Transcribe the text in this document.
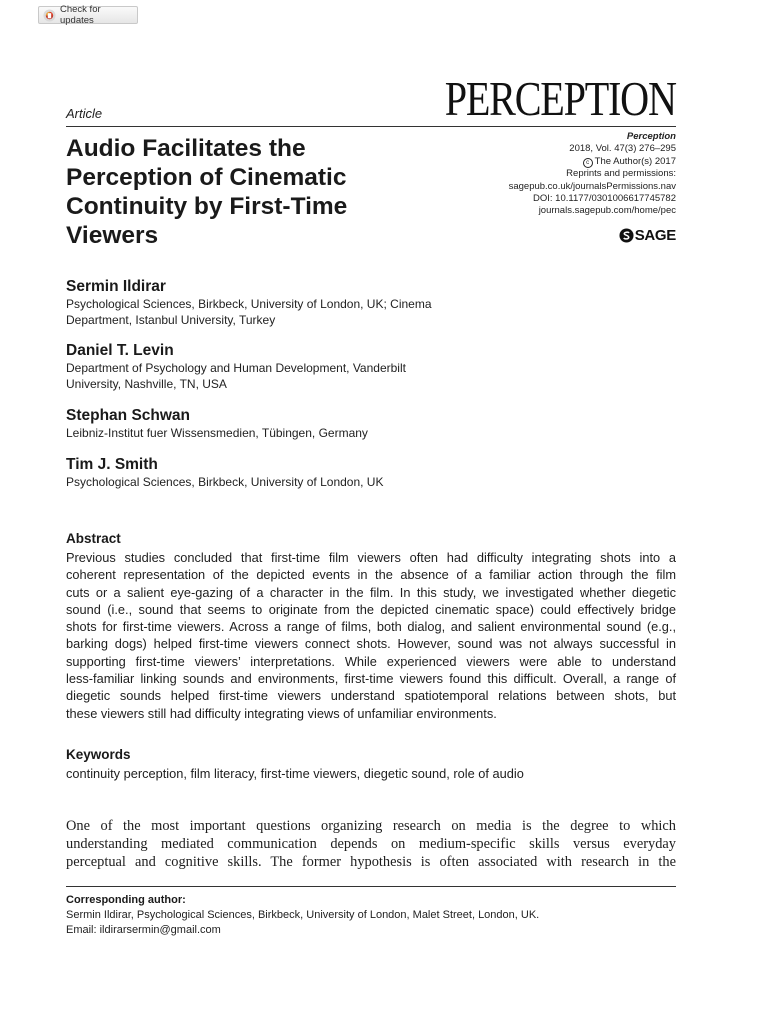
Check for updates
Article	PERCEPTION
Audio Facilitates the
Perception of Cinematic
Continuity by First-Time
Viewers
Perception
2018, Vol. 47(3) 276–295
c The Author(s) 2017
Reprints and permissions:
sagepub.co.uk/journalsPermissions.nav
DOI: 10.1177/0301006617745782
journals.sagepub.com/home/pec
SAGE
Sermin Ildirar
Psychological Sciences, Birkbeck, University of London, UK; Cinema
Department, Istanbul University, Turkey
Daniel T. Levin
Department of Psychology and Human Development, Vanderbilt
University, Nashville, TN, USA
Stephan Schwan
Leibniz-Institut fuer Wissensmedien, Tübingen, Germany
Tim J. Smith
Psychological Sciences, Birkbeck, University of London, UK
Abstract
Previous studies concluded that first-time film viewers often had difficulty integrating shots into a
coherent representation of the depicted events in the absence of a familiar action through the film
cuts or a salient eye-gazing of a character in the film. In this study, we investigated whether diegetic
sound (i.e., sound that seems to originate from the depicted cinematic space) could effectively bridge
shots for first-time viewers. Across a range of films, both dialog, and salient environmental sound (e.g.,
barking dogs) helped first-time viewers connect shots. However, sound was not always successful in
supporting first-time viewers’ interpretations. While experienced viewers were able to understand
less-familiar linking sounds and environments, first-time viewers found this difficult. Overall, a range of
diegetic sounds helped first-time viewers understand spatiotemporal relations between shots, but
these viewers still had difficulty integrating views of unfamiliar environments.
Keywords
continuity perception, film literacy, first-time viewers, diegetic sound, role of audio
One of the most important questions organizing research on media is the degree to which
understanding mediated communication depends on medium-specific skills versus everyday
perceptual and cognitive skills. The former hypothesis is often associated with research in the
Corresponding author:
Sermin Ildirar, Psychological Sciences, Birkbeck, University of London, Malet Street, London, UK.
Email: ildirarsermin@gmail.com
